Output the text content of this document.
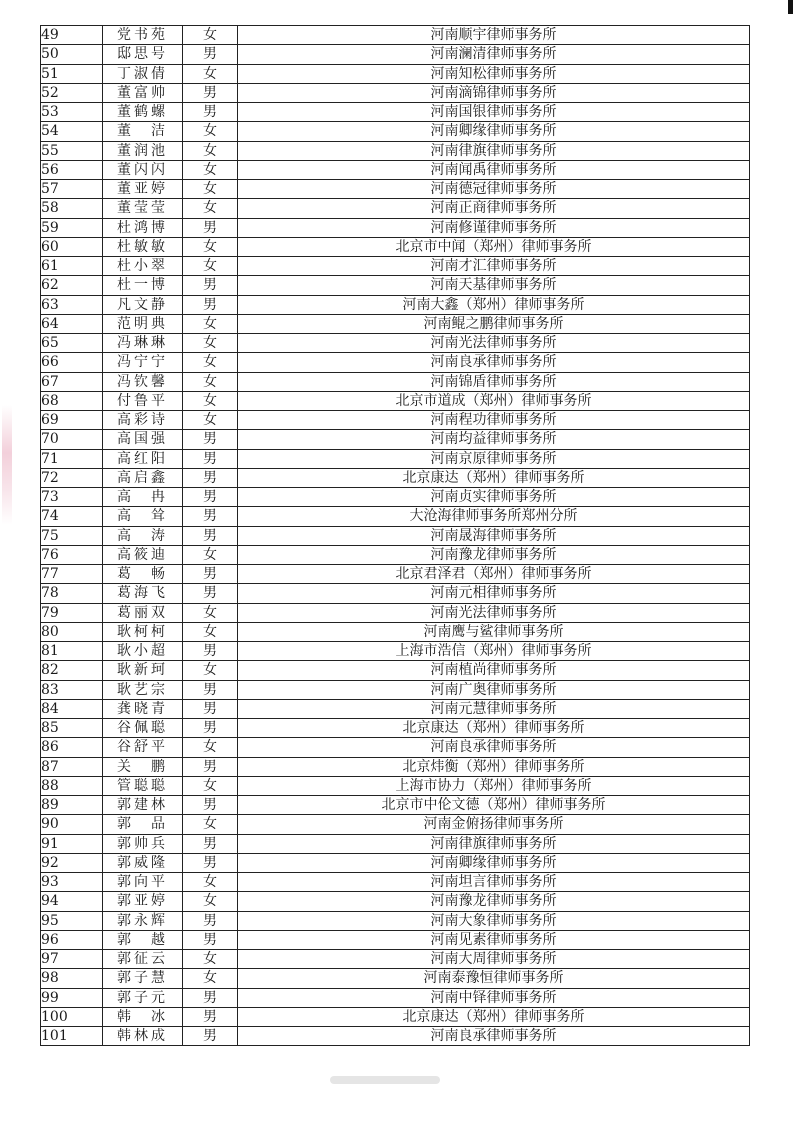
49	党书苑	女	河南顺宇律师事务所
50	邸思号	男	河南澜清律师事务所
51	丁淑倩	女	河南知松律师事务所
52	董富帅	男	河南滴锦律师事务所
53	董鹤螺	男	河南国银律师事务所
54	董　洁	女	河南卿缘律师事务所
55	董润池	女	河南律旗律师事务所
56	董闪闪	女	河南闻禹律师事务所
57	董亚婷	女	河南德冠律师事务所
58	董莹莹	女	河南正商律师事务所
59	杜鸿博	男	河南修谨律师事务所
60	杜敏敏	女	北京市中闻（郑州）律师事务所
61	杜小翠	女	河南才汇律师事务所
62	杜一博	男	河南天基律师事务所
63	凡文静	男	河南大鑫（郑州）律师事务所
64	范明典	女	河南鲲之鹏律师事务所
65	冯琳琳	女	河南光法律师事务所
66	冯宁宁	女	河南良承律师事务所
67	冯钦馨	女	河南锦盾律师事务所
68	付鲁平	女	北京市道成（郑州）律师事务所
69	高彩诗	女	河南程功律师事务所
70	高国强	男	河南均益律师事务所
71	高红阳	男	河南京原律师事务所
72	高启鑫	男	北京康达（郑州）律师事务所
73	高　冉	男	河南贞实律师事务所
74	高　耸	男	大沧海律师事务所郑州分所
75	高　涛	男	河南晟海律师事务所
76	高筱迪	女	河南豫龙律师事务所
77	葛　畅	男	北京君泽君（郑州）律师事务所
78	葛海飞	男	河南元相律师事务所
79	葛丽双	女	河南光法律师事务所
80	耿柯柯	女	河南鹰与鲨律师事务所
81	耿小超	男	上海市浩信（郑州）律师事务所
82	耿新珂	女	河南植尚律师事务所
83	耿艺宗	男	河南广奥律师事务所
84	龚晓青	男	河南元慧律师事务所
85	谷佩聪	男	北京康达（郑州）律师事务所
86	谷舒平	女	河南良承律师事务所
87	关　鹏	男	北京炜衡（郑州）律师事务所
88	管聪聪	女	上海市协力（郑州）律师事务所
89	郭建林	男	北京市中伦文德（郑州）律师事务所
90	郭　品	女	河南金俯扬律师事务所
91	郭帅兵	男	河南律旗律师事务所
92	郭威隆	男	河南卿缘律师事务所
93	郭向平	女	河南坦言律师事务所
94	郭亚婷	女	河南豫龙律师事务所
95	郭永辉	男	河南大象律师事务所
96	郭　越	男	河南见素律师事务所
97	郭征云	女	河南大周律师事务所
98	郭子慧	女	河南泰豫恒律师事务所
99	郭子元	男	河南中铎律师事务所
100	韩　冰	男	北京康达（郑州）律师事务所
101	韩林成	男	河南良承律师事务所
